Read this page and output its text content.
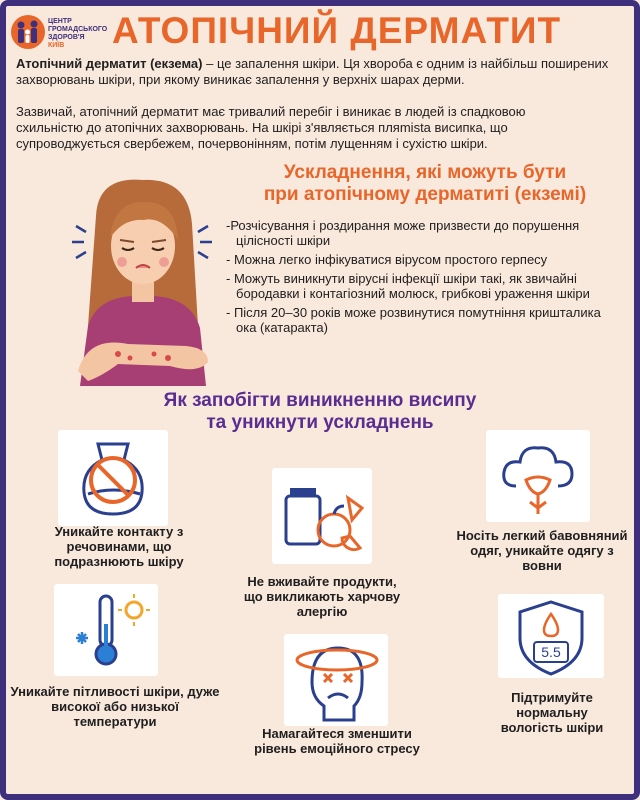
ЦЕНТР
ГРОМАДСЬКОГО
ЗДОРОВ'Я
КИЇВ	АТОПІЧНИЙ ДЕРМАТИТ
Атопічний дерматит (екзема) – це запалення шкіри. Ця хвороба є одним із найбільш поширених захворювань шкіри, при якому виникає запалення у верхніх шарах дерми.
Зазвичай, атопічний дерматит має тривалий перебіг і виникає в людей із спадковою схильністю до атопічних захворювань. На шкірі з'являється пляmista висипка, що супроводжується свербежем, почервонінням, потім лущенням і сухістю шкіри.
Ускладнення, які можуть бути
при атопічному дерматиті (екземі)
-Розчісування і роздирання може призвести до порушення цілісності шкіри
- Можна легко інфікуватися вірусом простого герпесу
- Можуть виникнути вірусні інфекції шкіри такі, як звичайні бородавки і контагіозний молюск, грибкові ураження шкіри
- Після 20–30 років може розвинутися помутніння кришталика ока (катаракта)
Як запобігти виникненню висипу
та уникнути ускладнень
Уникайте контакту з речовинами, що подразнюють шкіру
Не вживайте продукти, що викликають харчову алергію
Носіть легкий бавовняний одяг, уникайте одягу з вовни
Уникайте пітливості шкіри, дуже високої або низької температури
Намагайтеся зменшити рівень емоційного стресу
5.5
Підтримуйте нормальну вологість шкіри
